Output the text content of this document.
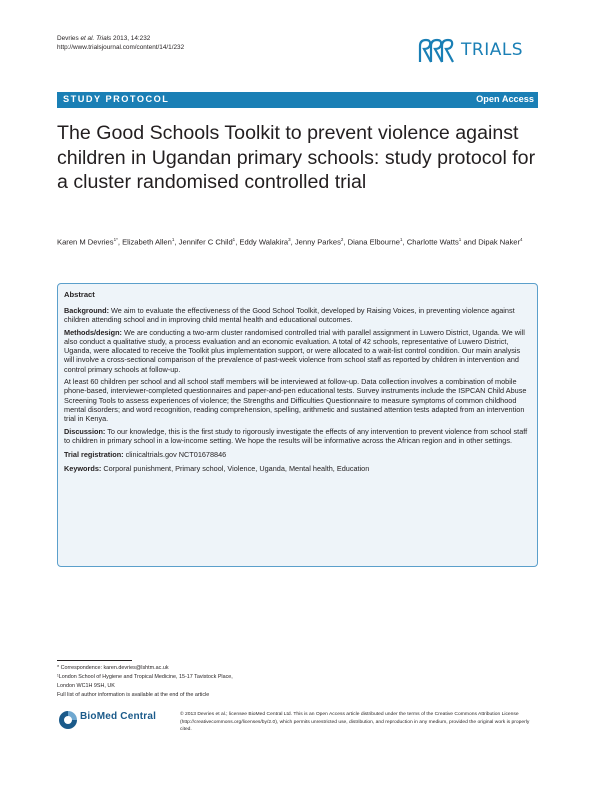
Devries et al. Trials 2013, 14:232
http://www.trialsjournal.com/content/14/1/232	TRIALS
STUDY PROTOCOL	Open Access
The Good Schools Toolkit to prevent violence against children in Ugandan primary schools: study protocol for a cluster randomised controlled trial
Karen M Devries$^{1*}$, Elizabeth Allen$^1$, Jennifer C Child$^1$, Eddy Walakira$^3$, Jenny Parkes$^2$, Diana Elbourne$^1$, Charlotte Watts$^1$ and Dipak Naker$^4$
Abstract

Background: We aim to evaluate the effectiveness of the Good School Toolkit, developed by Raising Voices, in preventing violence against children attending school and in improving child mental health and educational outcomes.

Methods/design: We are conducting a two-arm cluster randomised controlled trial with parallel assignment in Luwero District, Uganda. We will also conduct a qualitative study, a process evaluation and an economic evaluation. A total of 42 schools, representative of Luwero District, Uganda, were allocated to receive the Toolkit plus implementation support, or were allocated to a wait-list control condition. Our main analysis will involve a cross-sectional comparison of the prevalence of past-week violence from school staff as reported by children in intervention and control primary schools at follow-up.

At least 60 children per school and all school staff members will be interviewed at follow-up. Data collection involves a combination of mobile phone-based, interviewer-completed questionnaires and paper-and-pen educational tests. Survey instruments include the ISPCAN Child Abuse Screening Tools to assess experiences of violence; the Strengths and Difficulties Questionnaire to measure symptoms of common childhood mental disorders; and word recognition, reading comprehension, spelling, arithmetic and sustained attention tests adapted from an intervention trial in Kenya.

Discussion: To our knowledge, this is the first study to rigorously investigate the effects of any intervention to prevent violence from school staff to children in primary school in a low-income setting. We hope the results will be informative across the African region and in other settings.

Trial registration: clinicaltrials.gov NCT01678846

Keywords: Corporal punishment, Primary school, Violence, Uganda, Mental health, Education

* Correspondence: karen.devries@lshtm.ac.uk
¹London School of Hygiene and Tropical Medicine, 15-17 Tavistock Place,
London WC1H 9SH, UK
Full list of author information is available at the end of the article
BioMed Central	© 2013 Devries et al.; licensee BioMed Central Ltd. This is an Open Access article distributed under the terms of the Creative Commons Attribution License (http://creativecommons.org/licenses/by/2.0), which permits unrestricted use, distribution, and reproduction in any medium, provided the original work is properly cited.
